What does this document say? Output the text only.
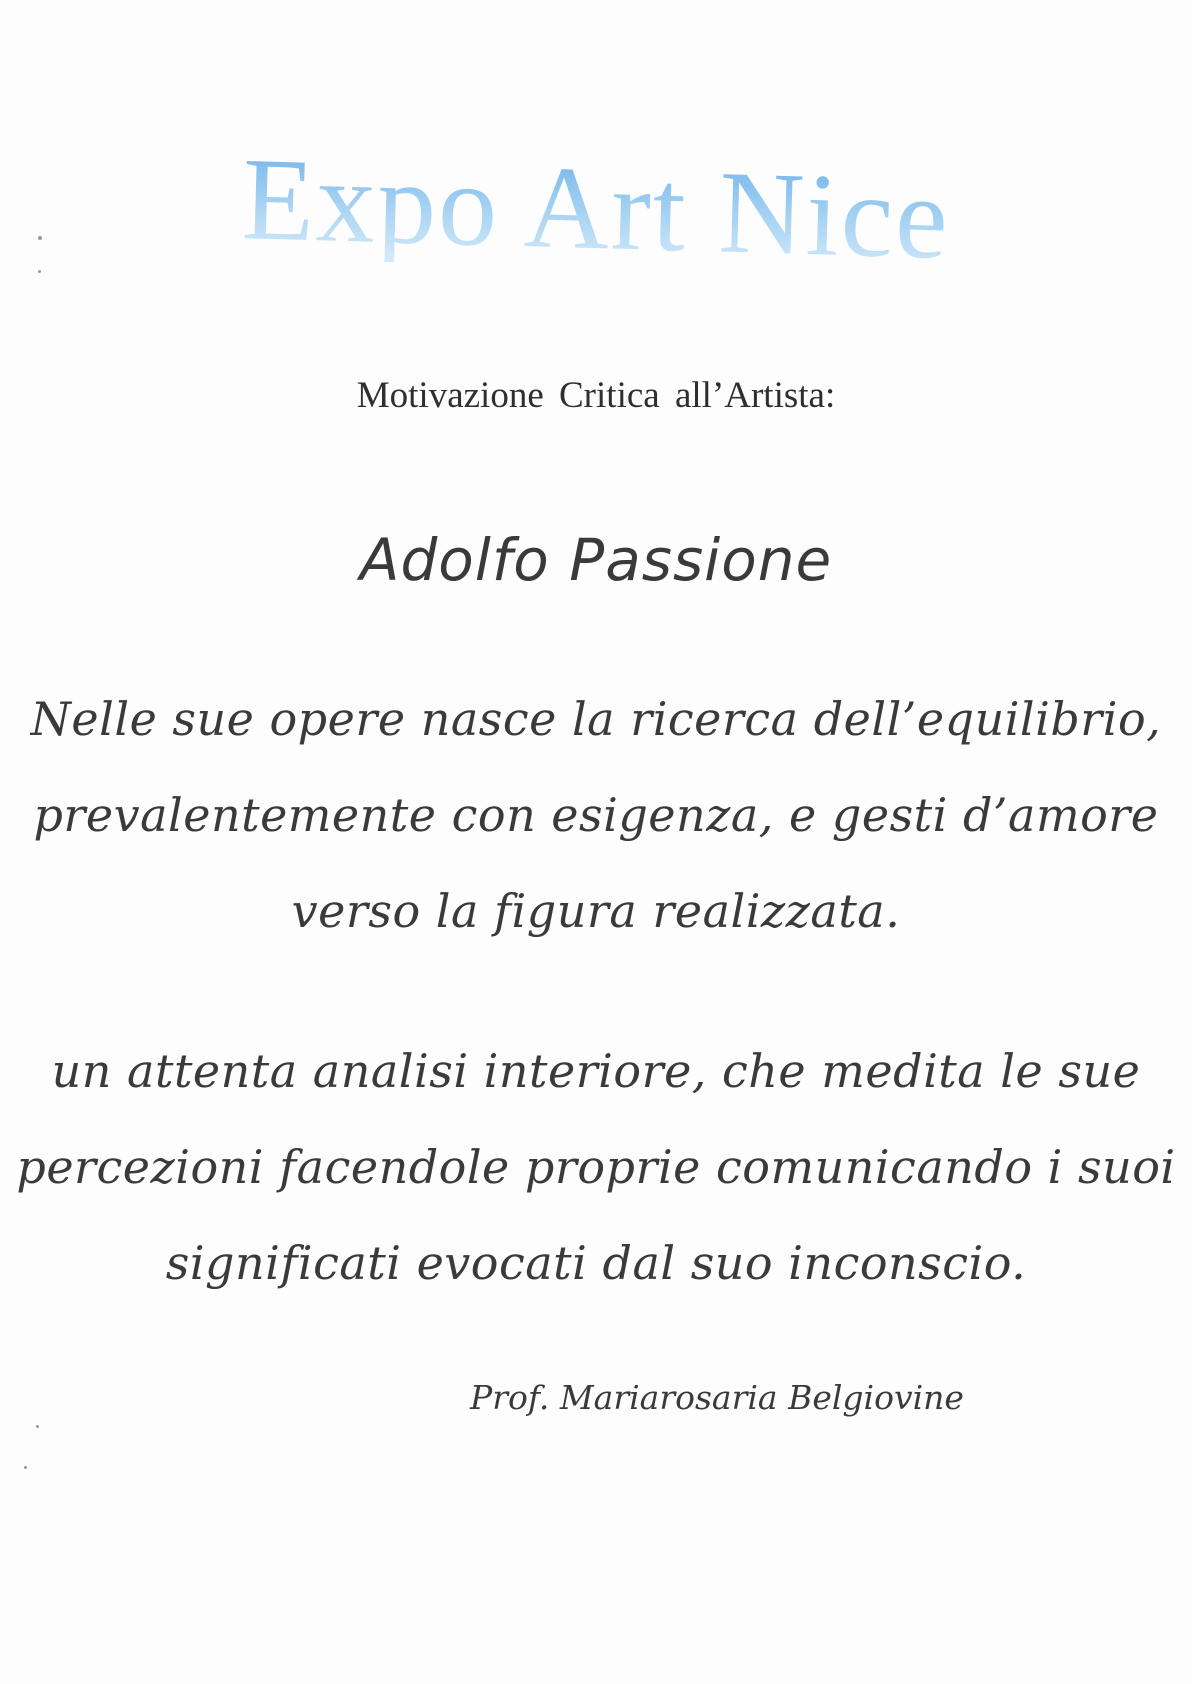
Expo Art Nice
Motivazione Critica all’Artista:
Adolfo Passione
Nelle sue opere nasce la ricerca dell’equilibrio,
prevalentemente con esigenza, e gesti d’amore
verso la figura realizzata.
un attenta analisi interiore, che medita le sue
percezioni facendole proprie comunicando i suoi
significati evocati dal suo inconscio.
Prof. Mariarosaria Belgiovine
